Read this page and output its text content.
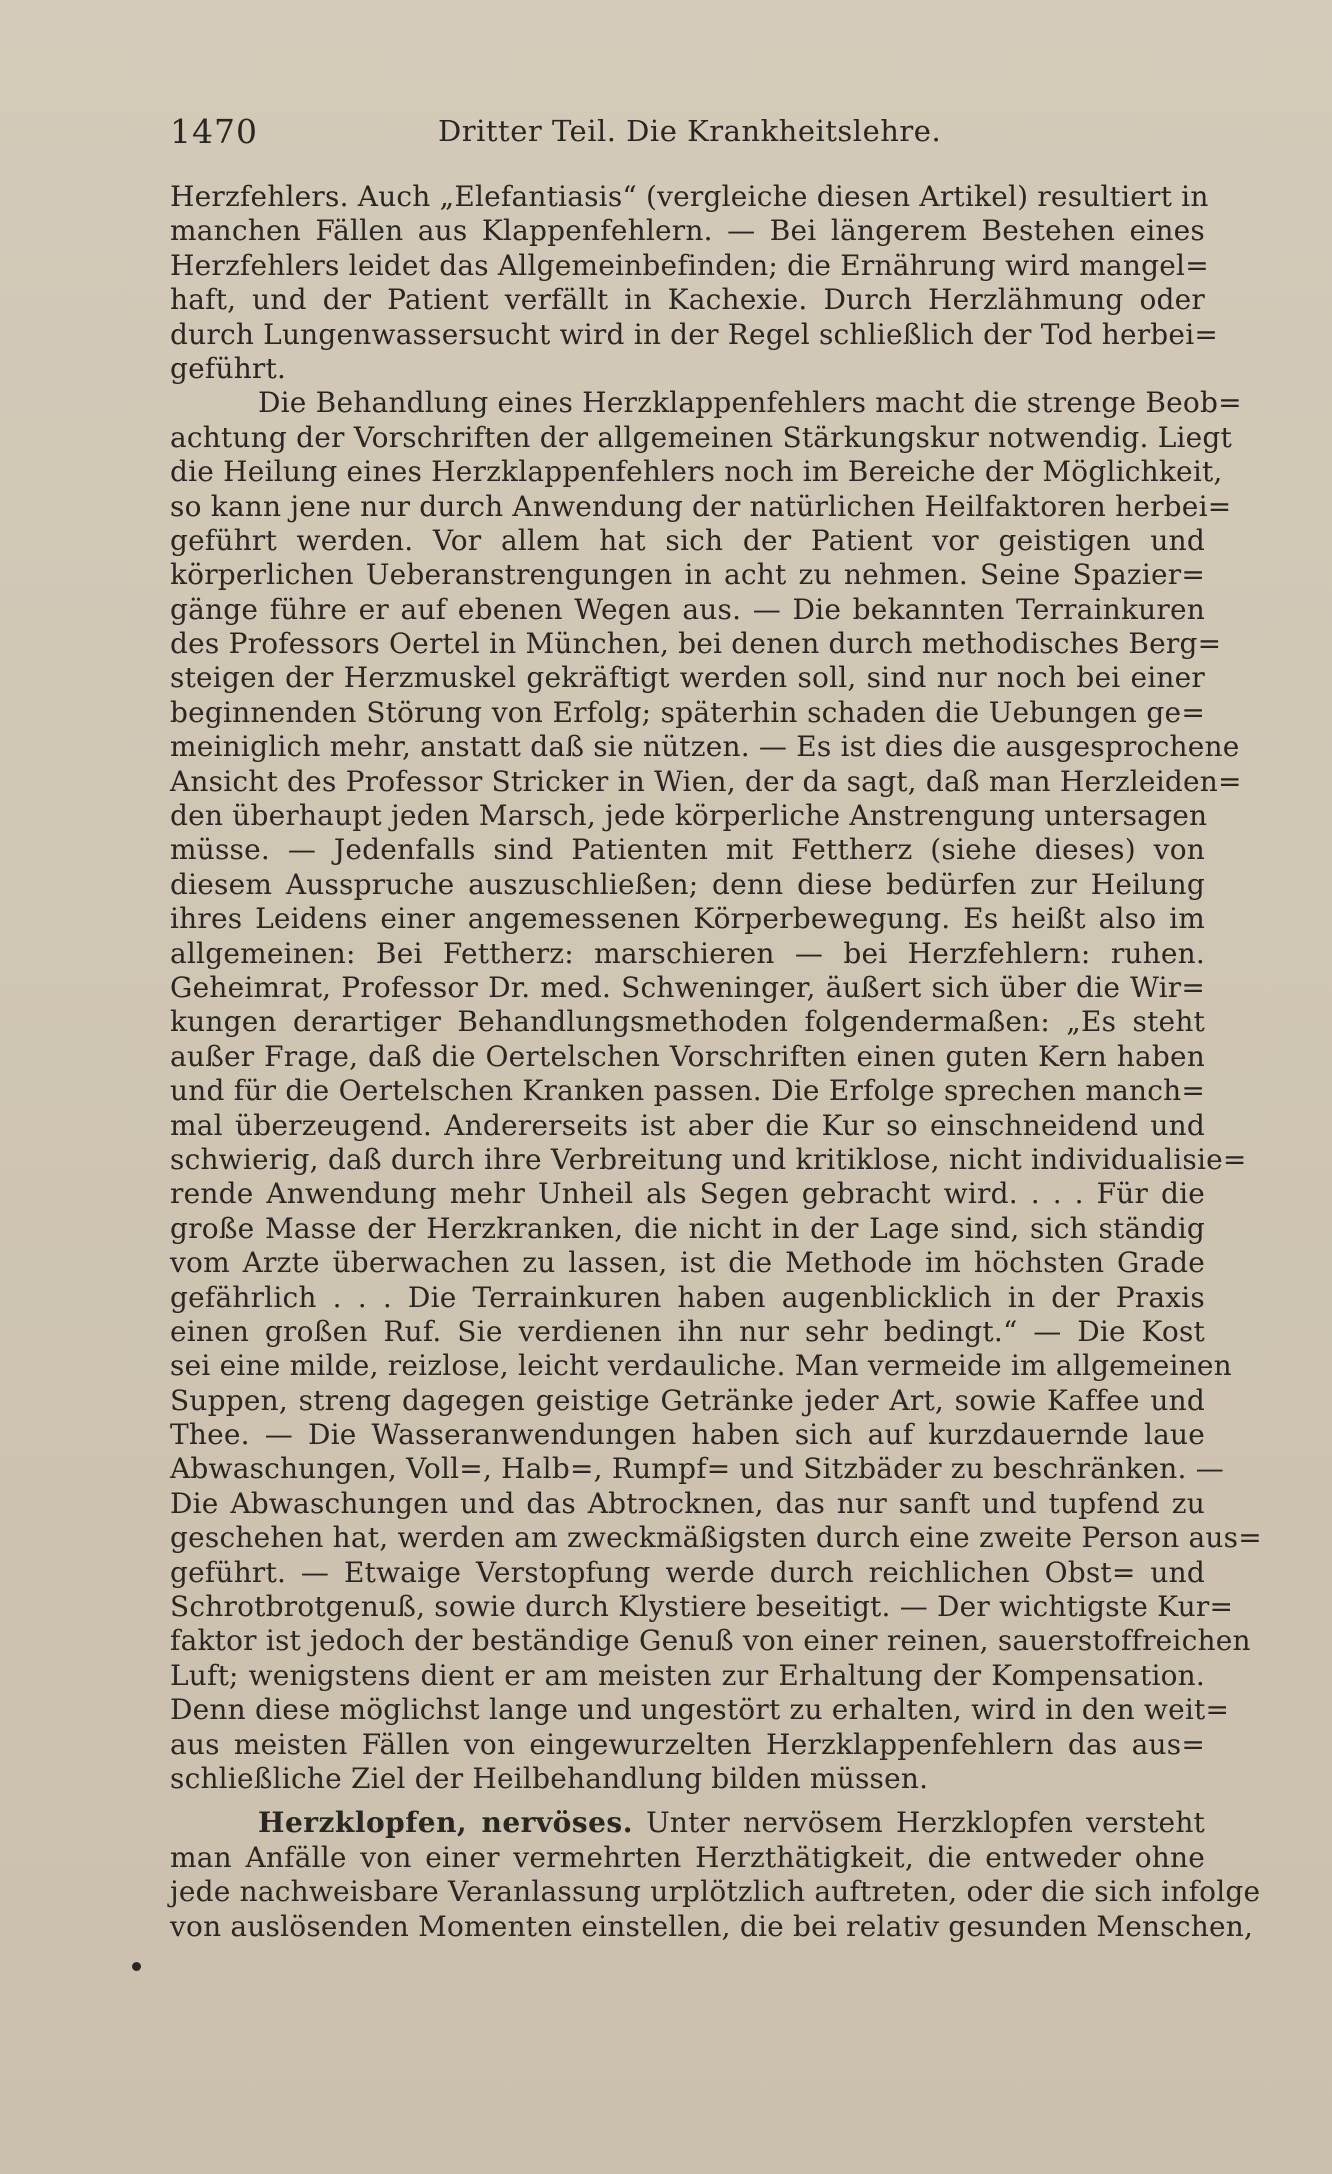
1470	Dritter Teil. Die Krankheitslehre.
Herzfehlers. Auch „Elefantiasis“ (vergleiche diesen Artikel) resultiert in
manchen Fällen aus Klappenfehlern. — Bei längerem Bestehen eines
Herzfehlers leidet das Allgemeinbefinden; die Ernährung wird mangel=
haft, und der Patient verfällt in Kachexie. Durch Herzlähmung oder
durch Lungenwassersucht wird in der Regel schließlich der Tod herbei=
geführt.
Die Behandlung eines Herzklappenfehlers macht die strenge Beob=
achtung der Vorschriften der allgemeinen Stärkungskur notwendig. Liegt
die Heilung eines Herzklappenfehlers noch im Bereiche der Möglichkeit,
so kann jene nur durch Anwendung der natürlichen Heilfaktoren herbei=
geführt werden. Vor allem hat sich der Patient vor geistigen und
körperlichen Ueberanstrengungen in acht zu nehmen. Seine Spazier=
gänge führe er auf ebenen Wegen aus. — Die bekannten Terrainkuren
des Professors Oertel in München, bei denen durch methodisches Berg=
steigen der Herzmuskel gekräftigt werden soll, sind nur noch bei einer
beginnenden Störung von Erfolg; späterhin schaden die Uebungen ge=
meiniglich mehr, anstatt daß sie nützen. — Es ist dies die ausgesprochene
Ansicht des Professor Stricker in Wien, der da sagt, daß man Herzleiden=
den überhaupt jeden Marsch, jede körperliche Anstrengung untersagen
müsse. — Jedenfalls sind Patienten mit Fettherz (siehe dieses) von
diesem Ausspruche auszuschließen; denn diese bedürfen zur Heilung
ihres Leidens einer angemessenen Körperbewegung. Es heißt also im
allgemeinen: Bei Fettherz: marschieren — bei Herzfehlern: ruhen.
Geheimrat, Professor Dr. med. Schweninger, äußert sich über die Wir=
kungen derartiger Behandlungsmethoden folgendermaßen: „Es steht
außer Frage, daß die Oertelschen Vorschriften einen guten Kern haben
und für die Oertelschen Kranken passen. Die Erfolge sprechen manch=
mal überzeugend. Andererseits ist aber die Kur so einschneidend und
schwierig, daß durch ihre Verbreitung und kritiklose, nicht individualisie=
rende Anwendung mehr Unheil als Segen gebracht wird. . . . Für die
große Masse der Herzkranken, die nicht in der Lage sind, sich ständig
vom Arzte überwachen zu lassen, ist die Methode im höchsten Grade
gefährlich . . . Die Terrainkuren haben augenblicklich in der Praxis
einen großen Ruf. Sie verdienen ihn nur sehr bedingt.“ — Die Kost
sei eine milde, reizlose, leicht verdauliche. Man vermeide im allgemeinen
Suppen, streng dagegen geistige Getränke jeder Art, sowie Kaffee und
Thee. — Die Wasseranwendungen haben sich auf kurzdauernde laue
Abwaschungen, Voll=, Halb=, Rumpf= und Sitzbäder zu beschränken. —
Die Abwaschungen und das Abtrocknen, das nur sanft und tupfend zu
geschehen hat, werden am zweckmäßigsten durch eine zweite Person aus=
geführt. — Etwaige Verstopfung werde durch reichlichen Obst= und
Schrotbrotgenuß, sowie durch Klystiere beseitigt. — Der wichtigste Kur=
faktor ist jedoch der beständige Genuß von einer reinen, sauerstoffreichen
Luft; wenigstens dient er am meisten zur Erhaltung der Kompensation.
Denn diese möglichst lange und ungestört zu erhalten, wird in den weit=
aus meisten Fällen von eingewurzelten Herzklappenfehlern das aus=
schließliche Ziel der Heilbehandlung bilden müssen.
Herzklopfen, nervöses. Unter nervösem Herzklopfen versteht
man Anfälle von einer vermehrten Herzthätigkeit, die entweder ohne
jede nachweisbare Veranlassung urplötzlich auftreten, oder die sich infolge
von auslösenden Momenten einstellen, die bei relativ gesunden Menschen,
